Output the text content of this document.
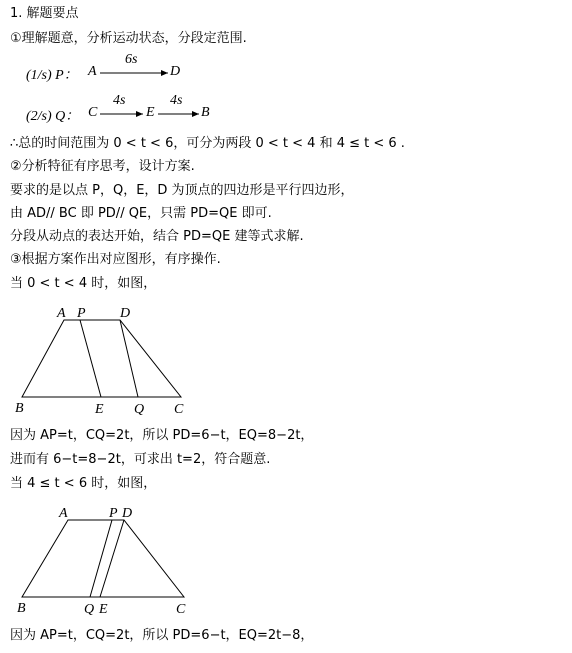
1. 解题要点
①理解题意，分析运动状态，分段定范围.
(1/s) P： A
6s
D
(2/s) Q： C
4s
E
4s
B
∴总的时间范围为 0 < t < 6，可分为两段 0 < t < 4 和 4 ≤ t < 6 .
②分析特征有序思考，设计方案.
要求的是以点 P，Q，E，D 为顶点的四边形是平行四边形，
由 AD// BC 即 PD// QE，只需 PD=QE 即可.
分段从动点的表达开始，结合 PD=QE 建等式求解.
③根据方案作出对应图形，有序操作.
当 0 < t < 4 时，如图，
因为 AP=t，CQ=2t，所以 PD=6−t，EQ=8−2t，
进而有 6−t=8−2t，可求出 t=2，符合题意.
当 4 ≤ t < 6 时，如图，
因为 AP=t，CQ=2t，所以 PD=6−t，EQ=2t−8，
A P D
B	E Q C
A	P D
B	Q E	C
